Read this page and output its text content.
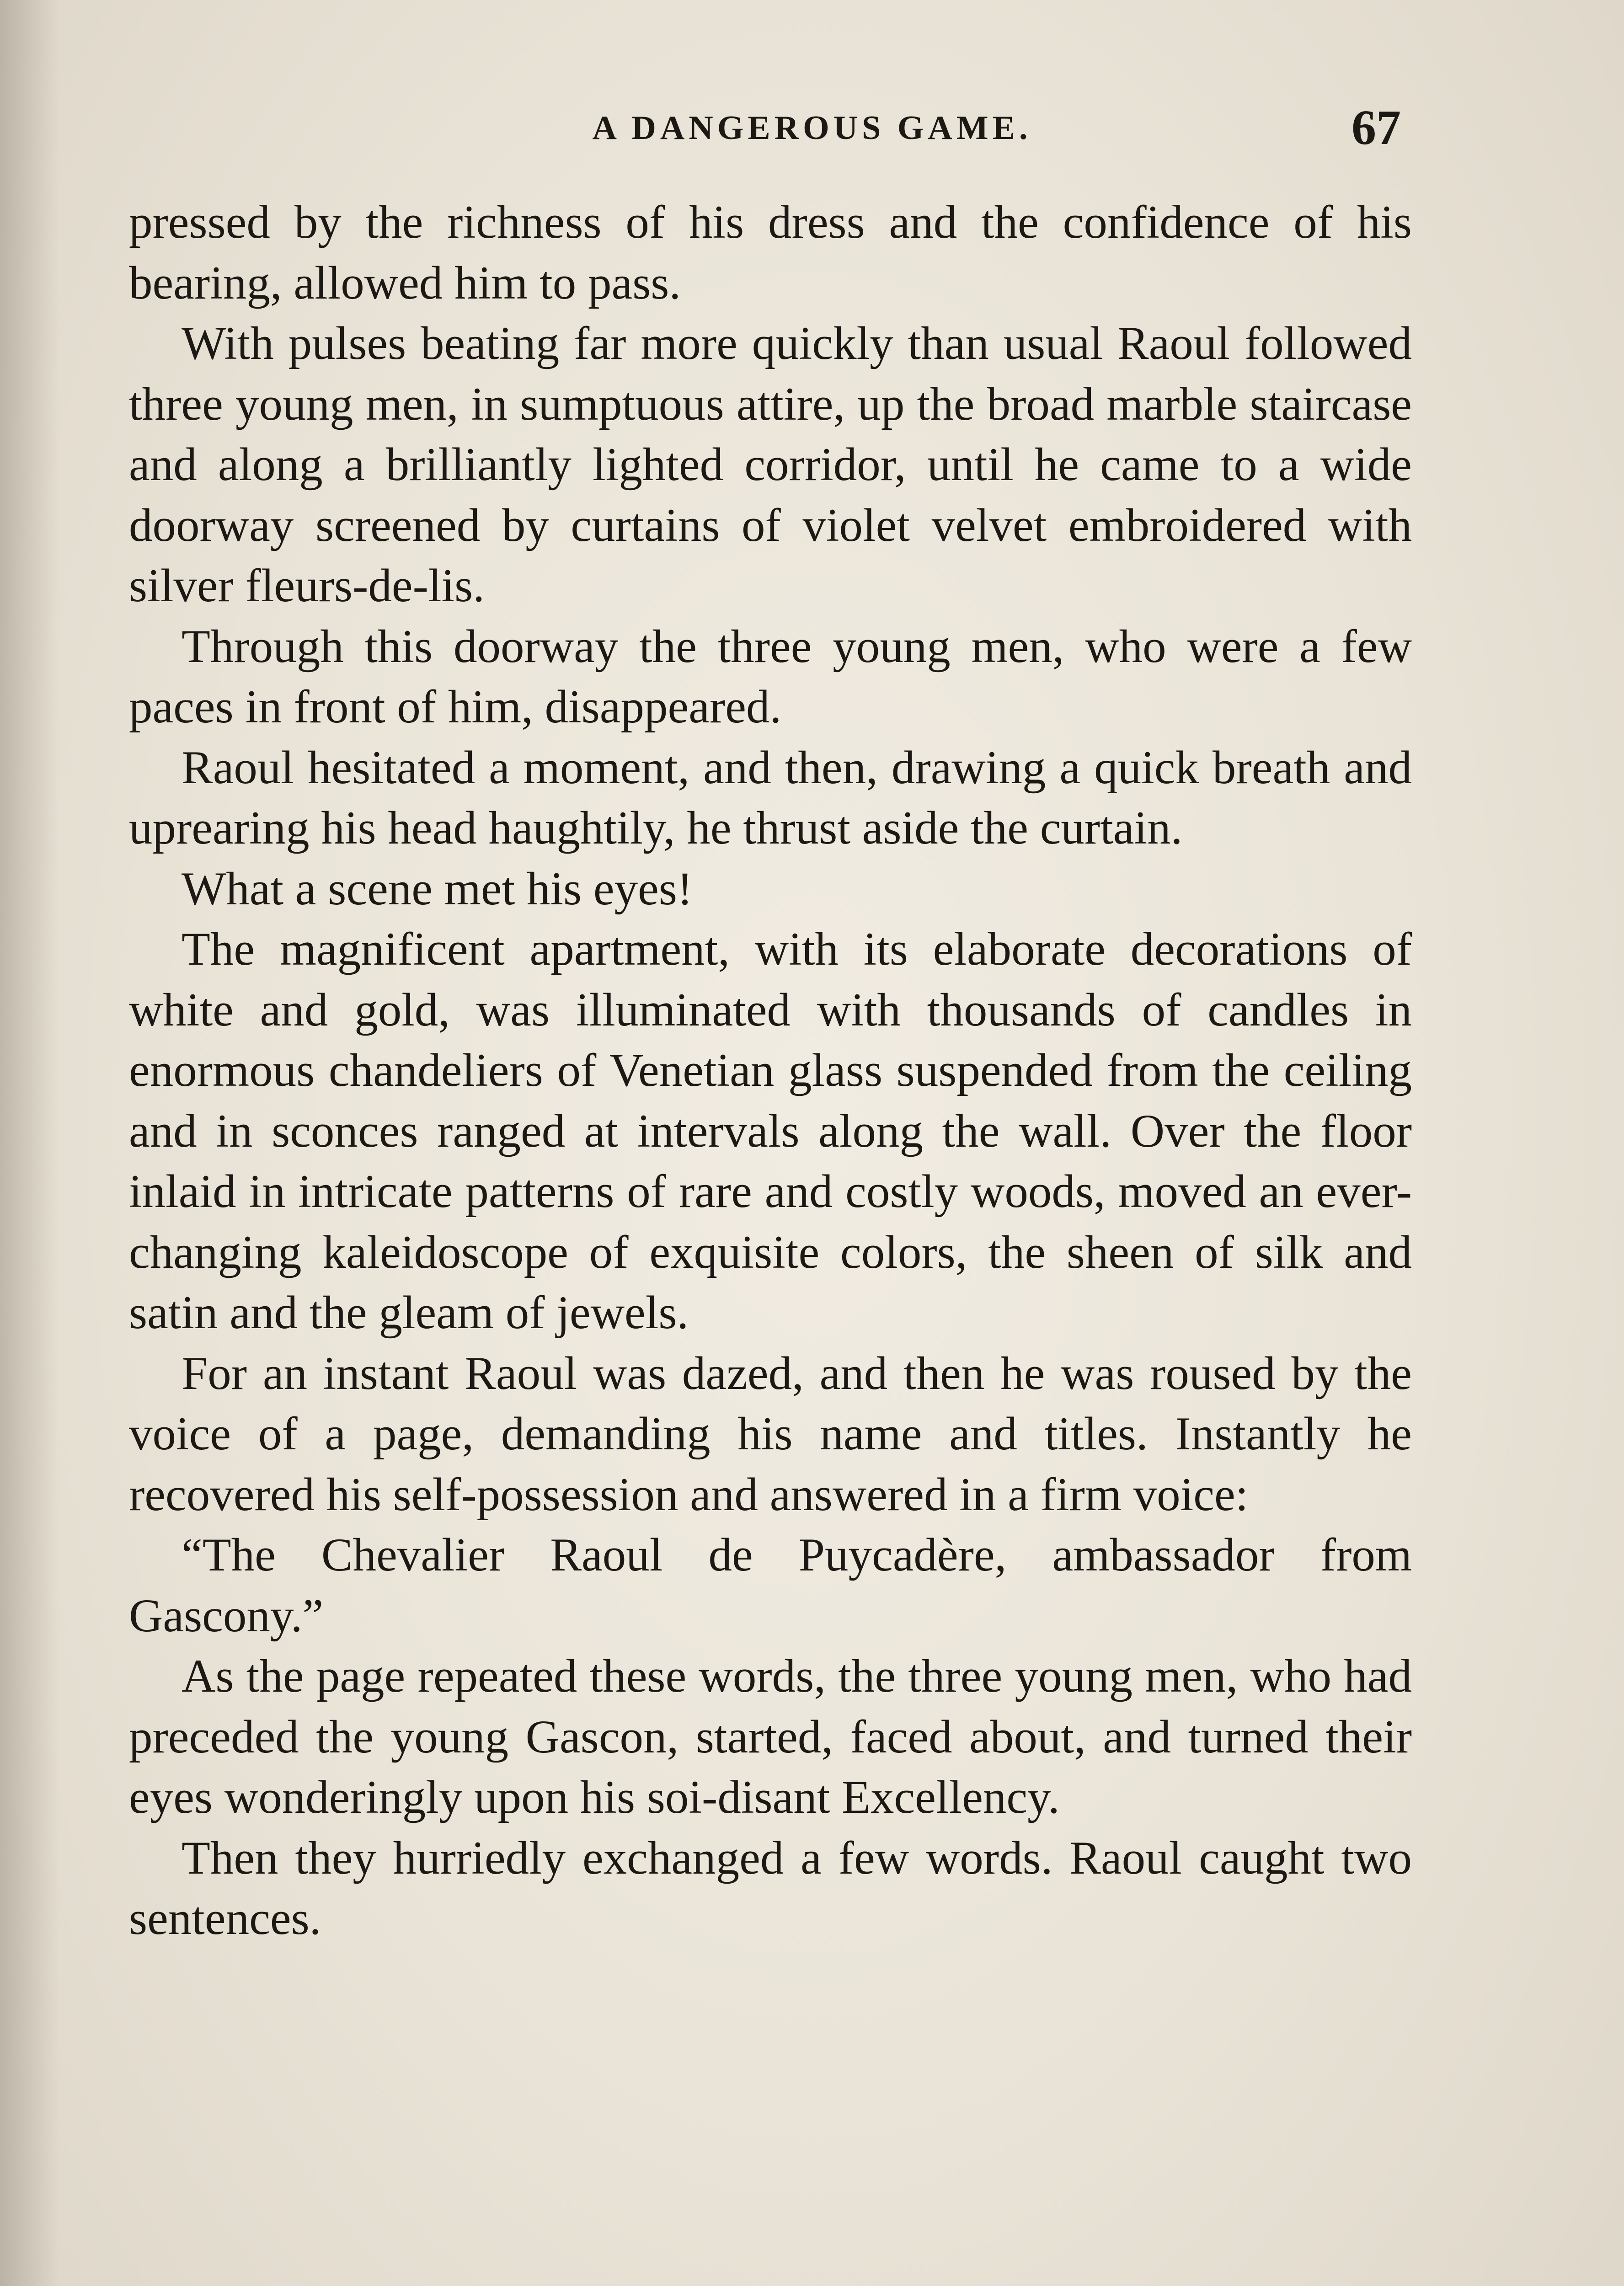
A DANGEROUS GAME.	67

pressed by the richness of his dress and the confidence of his bearing, allowed him to pass.

With pulses beating far more quickly than usual Raoul followed three young men, in sumptuous attire, up the broad marble staircase and along a brilliantly lighted corridor, until he came to a wide doorway screened by curtains of violet velvet embroidered with silver fleurs-de-lis.

Through this doorway the three young men, who were a few paces in front of him, disappeared.

Raoul hesitated a moment, and then, drawing a quick breath and uprearing his head haughtily, he thrust aside the curtain.

What a scene met his eyes!

The magnificent apartment, with its elaborate decorations of white and gold, was illuminated with thousands of candles in enormous chandeliers of Venetian glass suspended from the ceiling and in sconces ranged at intervals along the wall. Over the floor inlaid in intricate patterns of rare and costly woods, moved an ever-changing kaleidoscope of exquisite colors, the sheen of silk and satin and the gleam of jewels.

For an instant Raoul was dazed, and then he was roused by the voice of a page, demanding his name and titles. Instantly he recovered his self-possession and answered in a firm voice:

“The Chevalier Raoul de Puycadère, ambassador from Gascony.”

As the page repeated these words, the three young men, who had preceded the young Gascon, started, faced about, and turned their eyes wonderingly upon his soi-disant Excellency.

Then they hurriedly exchanged a few words. Raoul caught two sentences.
